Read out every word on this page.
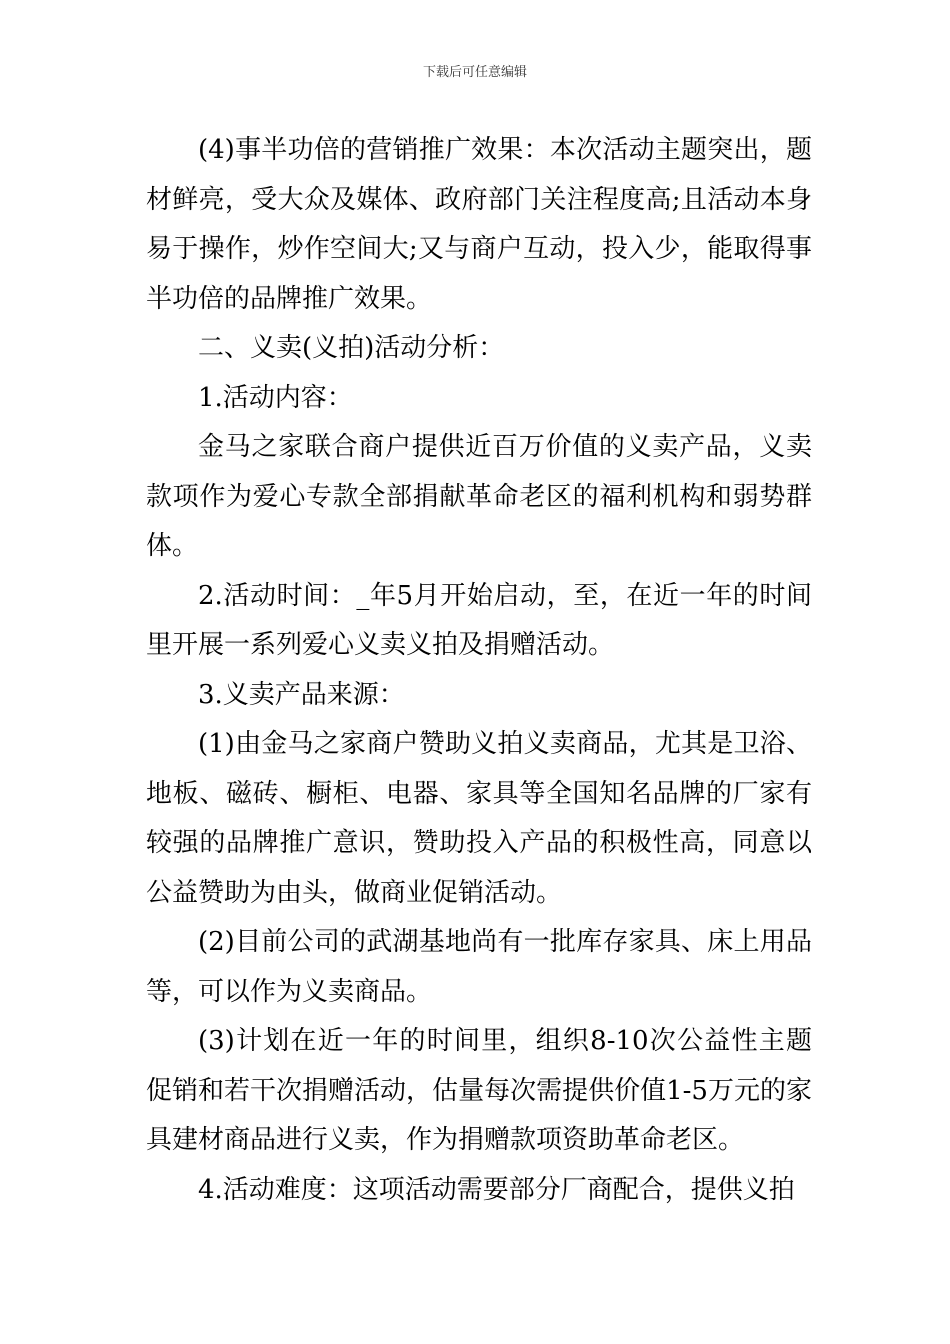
下载后可任意编辑

(4)事半功倍的营销推广效果：本次活动主题突出，题材鲜亮，受大众及媒体、政府部门关注程度高;且活动本身易于操作，炒作空间大;又与商户互动，投入少，能取得事半功倍的品牌推广效果。

二、义卖(义拍)活动分析：

1.活动内容：

金马之家联合商户提供近百万价值的义卖产品，义卖款项作为爱心专款全部捐献革命老区的福利机构和弱势群体。

2.活动时间：_年5月开始启动，至，在近一年的时间里开展一系列爱心义卖义拍及捐赠活动。

3.义卖产品来源：

(1)由金马之家商户赞助义拍义卖商品，尤其是卫浴、地板、磁砖、橱柜、电器、家具等全国知名品牌的厂家有较强的品牌推广意识，赞助投入产品的积极性高，同意以公益赞助为由头，做商业促销活动。

(2)目前公司的武湖基地尚有一批库存家具、床上用品等，可以作为义卖商品。

(3)计划在近一年的时间里，组织8-10次公益性主题促销和若干次捐赠活动，估量每次需提供价值1-5万元的家具建材商品进行义卖，作为捐赠款项资助革命老区。

4.活动难度：这项活动需要部分厂商配合，提供义拍
